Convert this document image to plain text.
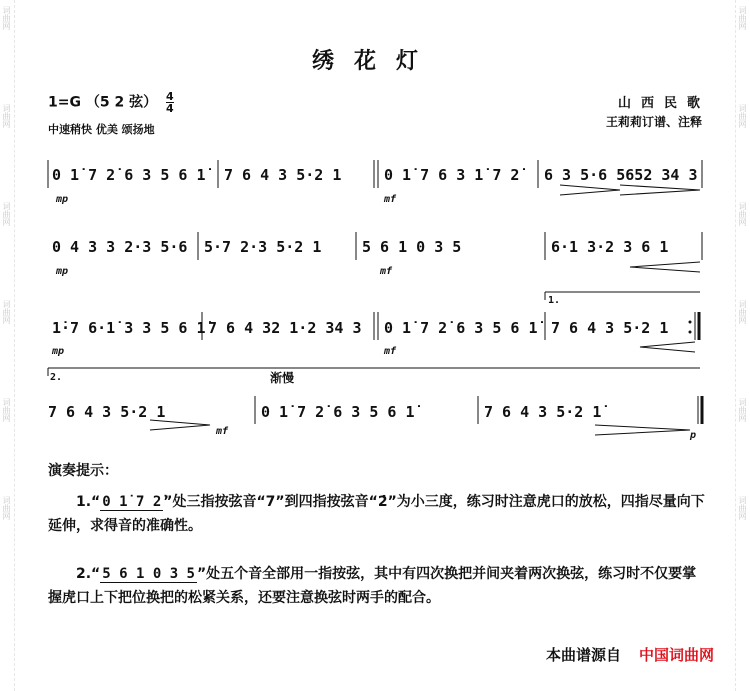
词曲网
词曲网
词曲网
词曲网
词曲网
词曲网
词曲网
词曲网
词曲网
词曲网
词曲网
词曲网
绣花灯
1=G （5 2 弦） $\frac{4}{4}$
中速稍快 优美 颂扬地
山西民歌
王莉莉订谱、注释
0 1̇ 7 2̇ 6 3 5 6 1̇	7 6 4 3 5·2 1	0 1̇ 7 6 3 1̇ 7 2̇	6 3 5·6 5652 34 3
mp	mf
0 4 3 3 2·3 5·6 5·7 2·3 5·2 1	5 6 1 0 3 5	6·1 3·2 3 6 1
mp	mf
1.
1̇·7 6·1̇ 3 3 5 6 1̇ 7 6 4 32 1·2 34 3 0 1̇ 7 2̇ 6 3 5 6 1̇ 7 6 4 3 5·2 1
mp	mf
2.	渐慢
7 6 4 3 5·2 1	0 1̇ 7 2̇ 6 3 5 6 1̇	7 6 4 3 5·2 1̇
mf	p
演奏提示：
1.“ 0 1̇ 7 2̇ ”处三指按弦音“7”到四指按弦音“2̇”为小三度，练习时注意虎口的放松，四指尽量向下延伸，求得音的准确性。
2.“ 5 6 1 0 3 5 ”处五个音全部用一指按弦，其中有四次换把并间夹着两次换弦，练习时不仅要掌握虎口上下把位换把的松紧关系，还要注意换弦时两手的配合。
本曲谱源自 中国词曲网
